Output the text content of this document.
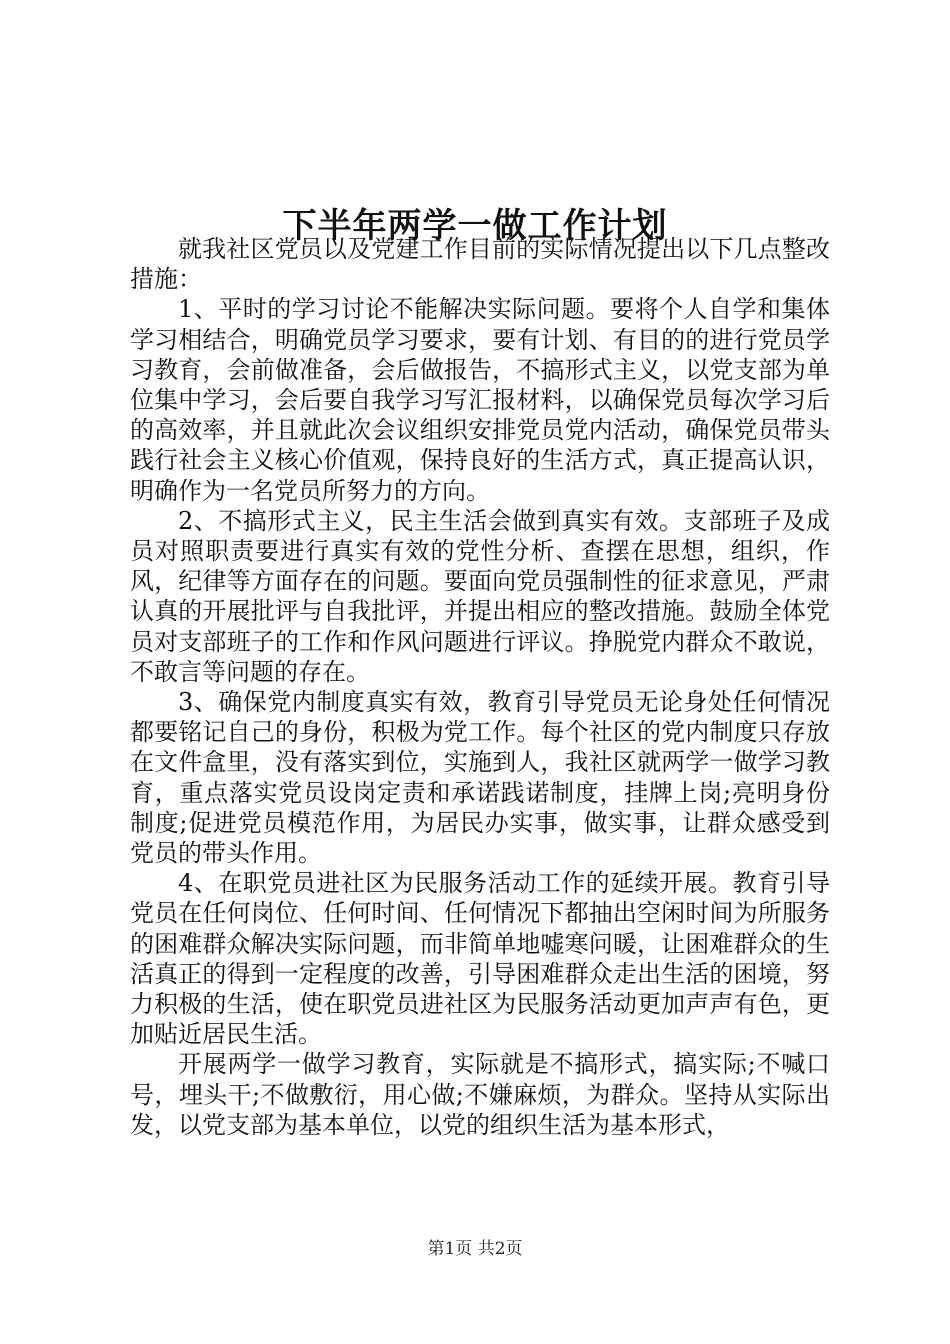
下半年两学一做工作计划

就我社区党员以及党建工作目前的实际情况提出以下几点整改措施：

1、平时的学习讨论不能解决实际问题。要将个人自学和集体学习相结合，明确党员学习要求，要有计划、有目的的进行党员学习教育，会前做准备，会后做报告，不搞形式主义，以党支部为单位集中学习，会后要自我学习写汇报材料，以确保党员每次学习后的高效率，并且就此次会议组织安排党员党内活动，确保党员带头践行社会主义核心价值观，保持良好的生活方式，真正提高认识，明确作为一名党员所努力的方向。

2、不搞形式主义，民主生活会做到真实有效。支部班子及成员对照职责要进行真实有效的党性分析、查摆在思想，组织，作风，纪律等方面存在的问题。要面向党员强制性的征求意见，严肃认真的开展批评与自我批评，并提出相应的整改措施。鼓励全体党员对支部班子的工作和作风问题进行评议。挣脱党内群众不敢说，不敢言等问题的存在。

3、确保党内制度真实有效，教育引导党员无论身处任何情况都要铭记自己的身份，积极为党工作。每个社区的党内制度只存放在文件盒里，没有落实到位，实施到人，我社区就两学一做学习教育，重点落实党员设岗定责和承诺践诺制度，挂牌上岗;亮明身份制度;促进党员模范作用，为居民办实事，做实事，让群众感受到党员的带头作用。

4、在职党员进社区为民服务活动工作的延续开展。教育引导党员在任何岗位、任何时间、任何情况下都抽出空闲时间为所服务的困难群众解决实际问题，而非简单地嘘寒问暖，让困难群众的生活真正的得到一定程度的改善，引导困难群众走出生活的困境，努力积极的生活，使在职党员进社区为民服务活动更加声声有色，更加贴近居民生活。

开展两学一做学习教育，实际就是不搞形式，搞实际;不喊口号，埋头干;不做敷衍，用心做;不嫌麻烦，为群众。坚持从实际出发，以党支部为基本单位，以党的组织生活为基本形式，

第1页 共2页
